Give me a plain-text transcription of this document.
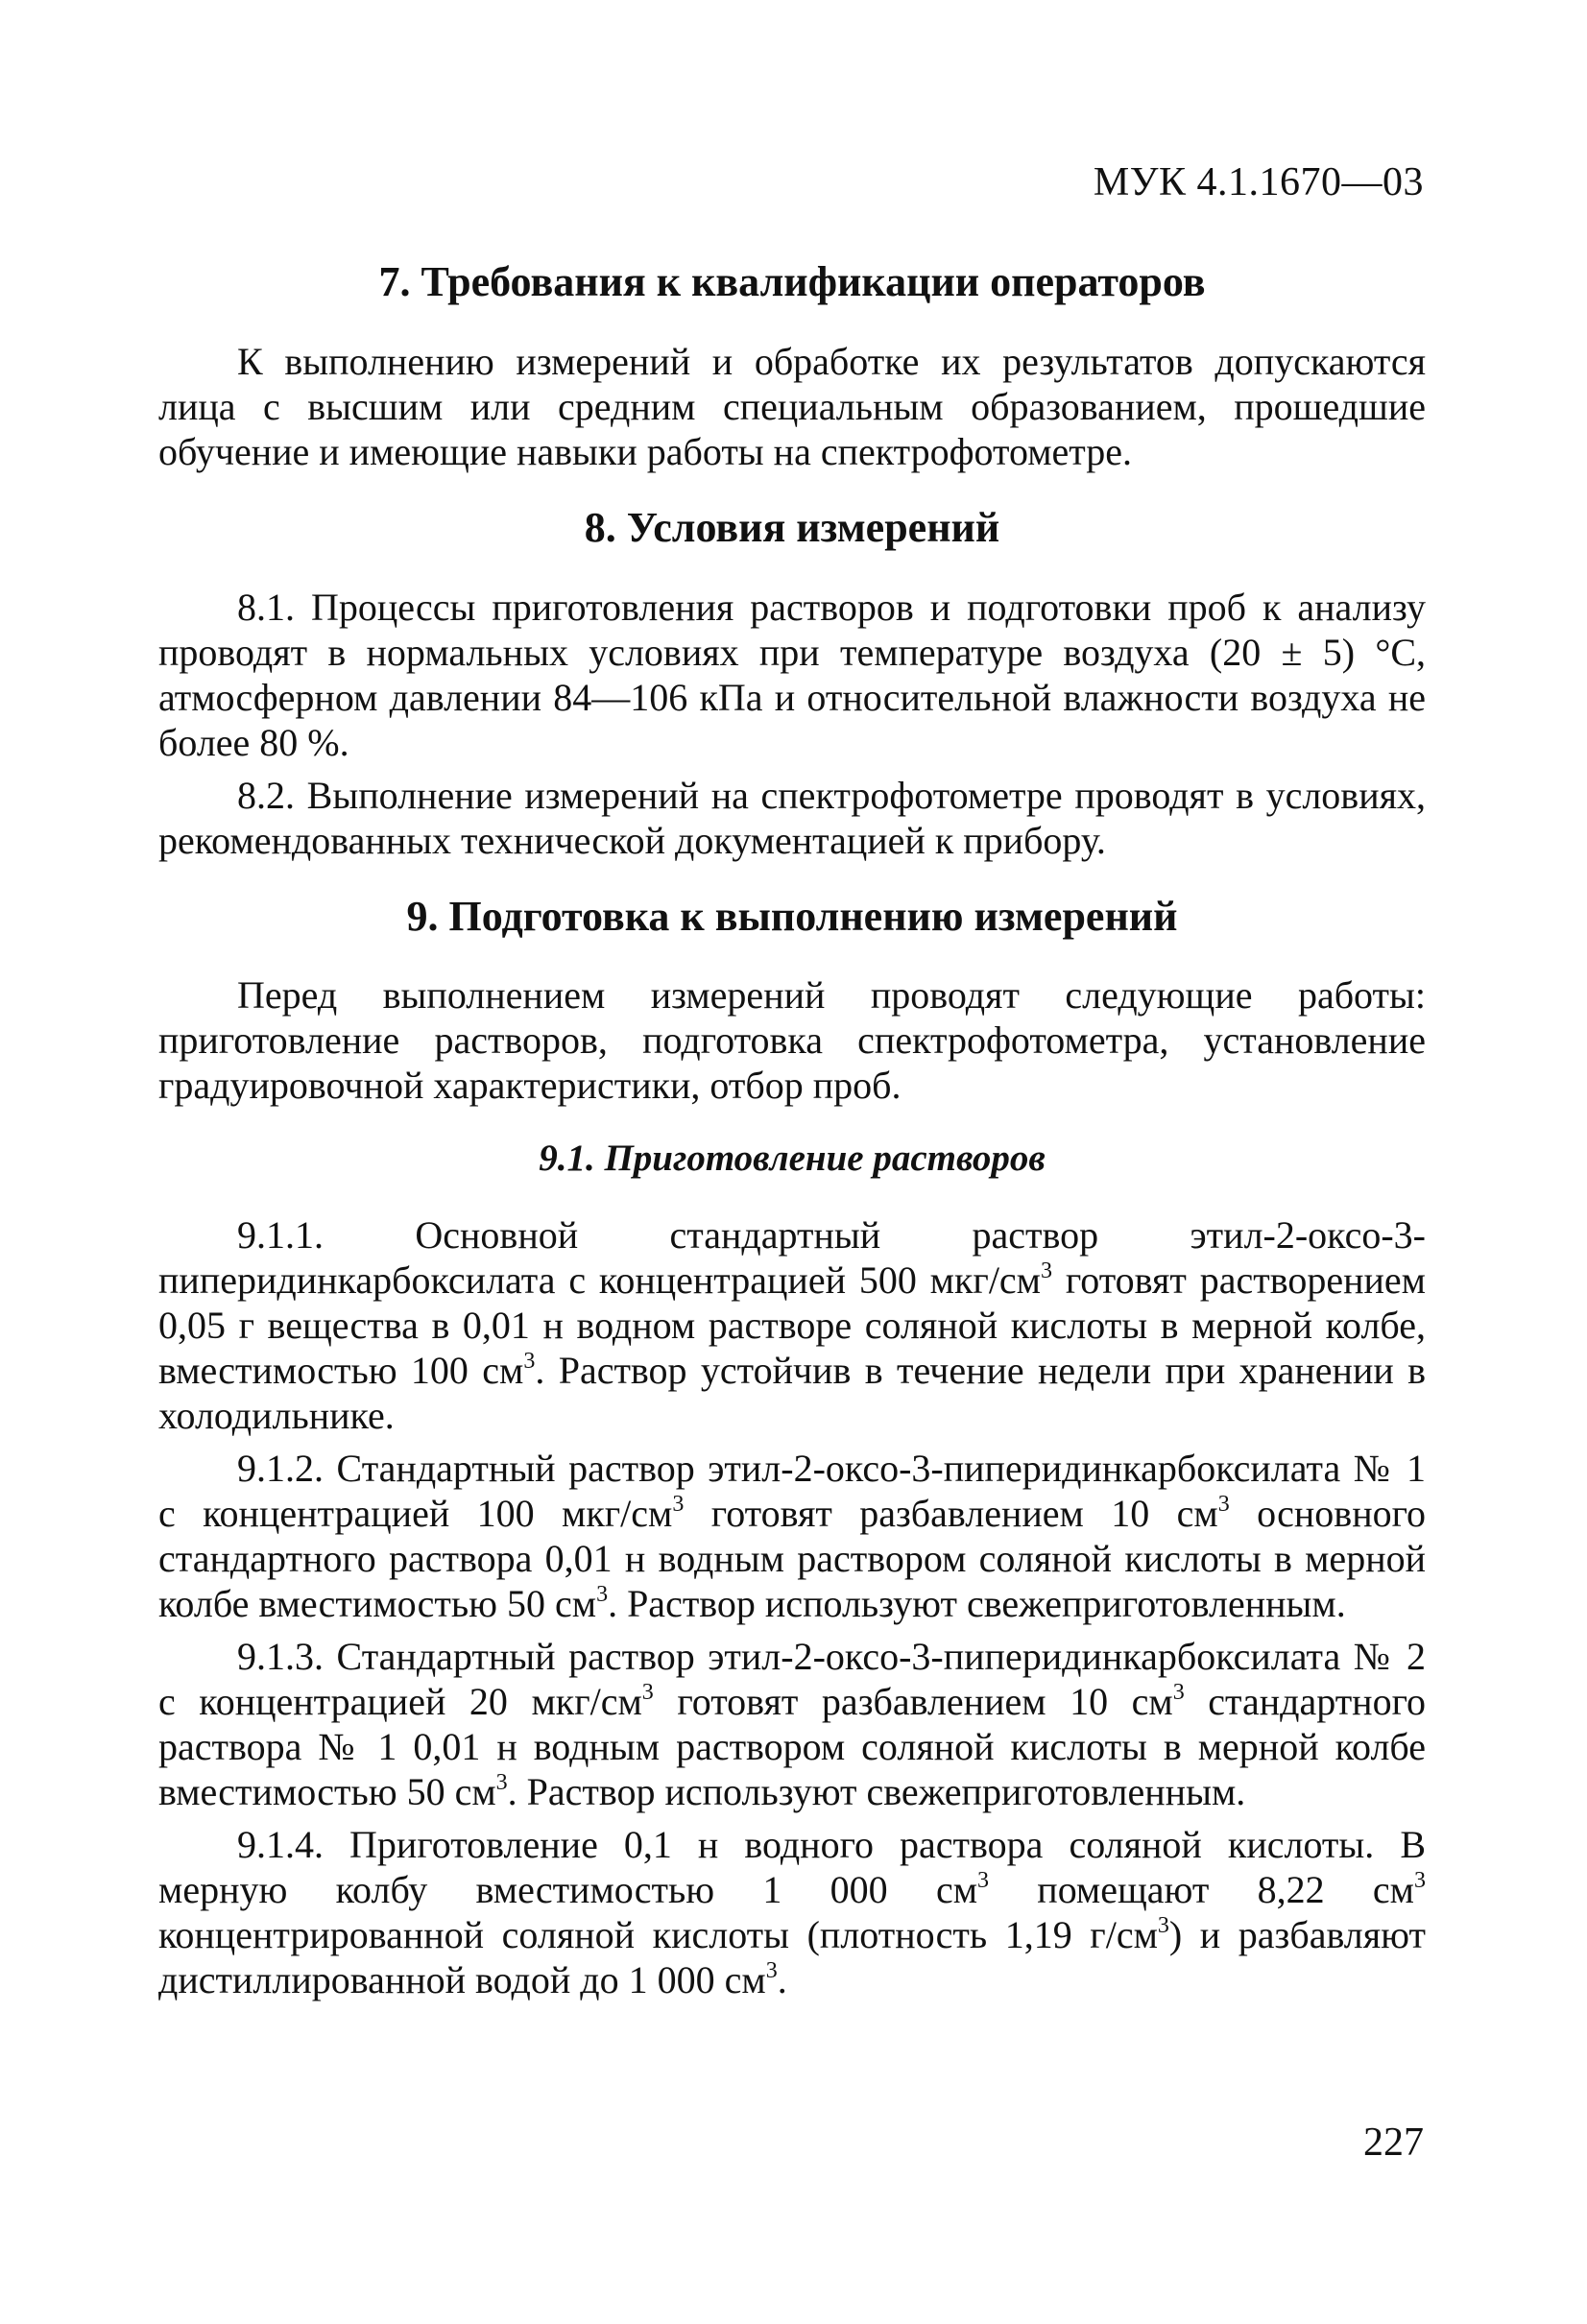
МУК 4.1.1670—03
7. Требования к квалификации операторов

К выполнению измерений и обработке их результатов допускаются лица с высшим или средним специальным образованием, прошедшие обучение и имеющие навыки работы на спектрофотометре.

8. Условия измерений

8.1. Процессы приготовления растворов и подготовки проб к анализу проводят в нормальных условиях при температуре воздуха (20 ± 5) °С, атмосферном давлении 84—106 кПа и относительной влажности воздуха не более 80 %.

8.2. Выполнение измерений на спектрофотометре проводят в условиях, рекомендованных технической документацией к прибору.

9. Подготовка к выполнению измерений

Перед выполнением измерений проводят следующие работы: приготовление растворов, подготовка спектрофотометра, установление градуировочной характеристики, отбор проб.

9.1. Приготовление растворов

9.1.1. Основной стандартный раствор этил-2-оксо-3-пиперидинкарбоксилата с концентрацией 500 мкг/$см^3$ готовят растворением 0,05 г вещества в 0,01 н водном растворе соляной кислоты в мерной колбе, вместимостью 100 $см^3$. Раствор устойчив в течение недели при хранении в холодильнике.

9.1.2. Стандартный раствор этил-2-оксо-3-пиперидинкарбоксилата № 1 с концентрацией 100 мкг/$см^3$ готовят разбавлением 10 $см^3$ основного стандартного раствора 0,01 н водным раствором соляной кислоты в мерной колбе вместимостью 50 $см^3$. Раствор используют свежеприготовленным.

9.1.3. Стандартный раствор этил-2-оксо-3-пиперидинкарбоксилата № 2 с концентрацией 20 мкг/$см^3$ готовят разбавлением 10 $см^3$ стандартного раствора № 1 0,01 н водным раствором соляной кислоты в мерной колбе вместимостью 50 $см^3$. Раствор используют свежеприготовленным.

9.1.4. Приготовление 0,1 н водного раствора соляной кислоты. В мерную колбу вместимостью 1 000 $см^3$ помещают 8,22 $см^3$ концентрированной соляной кислоты (плотность 1,19 $г/см^3$) и разбавляют дистиллированной водой до 1 000 $см^3$.

227
